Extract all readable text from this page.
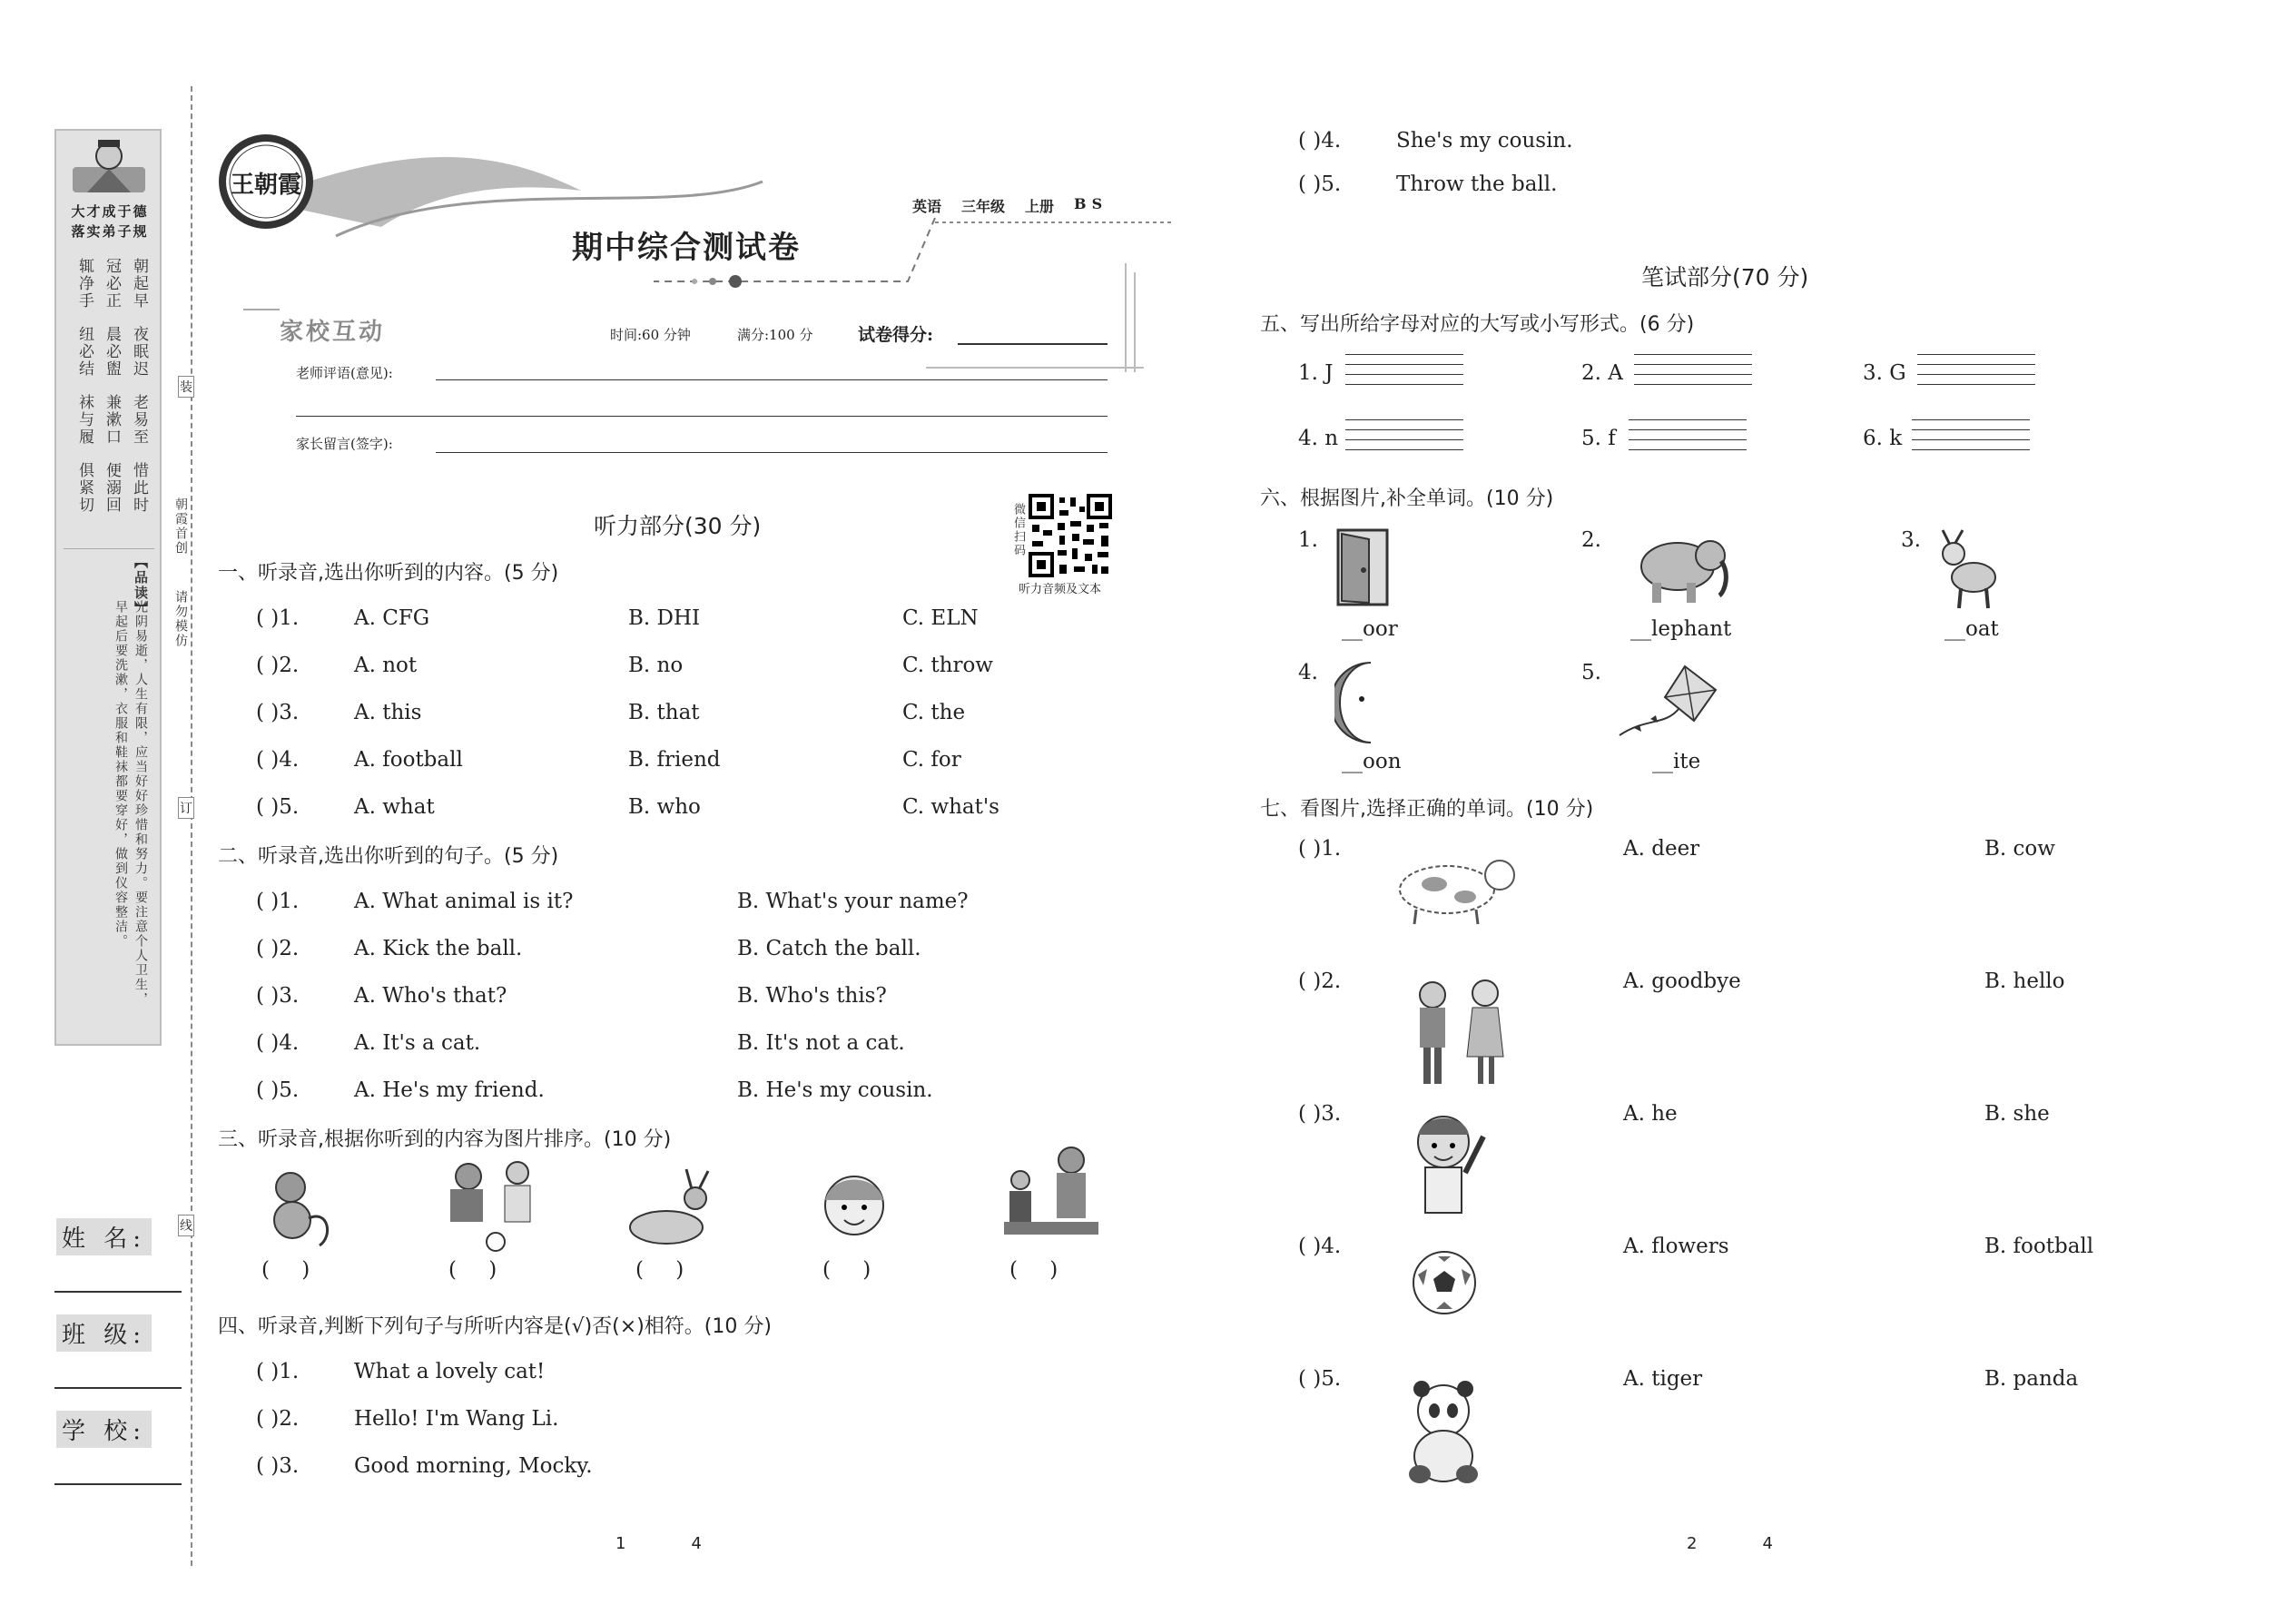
大才成于德
落实弟子规
朝起早
夜眠迟
老易至
惜此时
冠必正
晨必盥
兼漱口
便溺回
辄净手
纽必结
袜与履
俱紧切
【品读】
光阴易逝，人生有限，应当好好珍惜和努力。要注意个人卫生，早起后要洗漱，衣服和鞋袜都要穿好，做到仪容整洁。
朝霞首创
请勿模仿
装
订
线
姓 名:
班 级:
学 校:
王朝霞
期中综合测试卷
英语 三年级 上册 BS
家校互动	时间:60 分钟	满分:100 分	试卷得分:
老师评语(意见):
家长留言(签字):
微信扫码
听力音频及文本
听力部分(30 分)
一、听录音,选出你听到的内容。(5 分)
( )1.	A. CFG	B. DHI	C. ELN
( )2.	A. not	B. no	C. throw
( )3.	A. this	B. that	C. the
( )4.	A. football	B. friend	C. for
( )5.	A. what	B. who	C. what's
二、听录音,选出你听到的句子。(5 分)
( )1.	A. What animal is it?	B. What's your name?
( )2.	A. Kick the ball.	B. Catch the ball.
( )3.	A. Who's that?	B. Who's this?
( )4.	A. It's a cat.	B. It's not a cat.
( )5.	A. He's my friend.	B. He's my cousin.
三、听录音,根据你听到的内容为图片排序。(10 分)
( )	( )	( )	( )	( )
四、听录音,判断下列句子与所听内容是(√)否(×)相符。(10 分)
( )1.	What a lovely cat!
( )2.	Hello! I'm Wang Li.
( )3.	Good morning, Mocky.
1	4
( )4.	She's my cousin.
( )5.	Throw the ball.
笔试部分(70 分)
五、写出所给字母对应的大写或小写形式。(6 分)
1. J	2. A	3. G
4. n	5. f	6. k
六、根据图片,补全单词。(10 分)
1.
__oor
2.
__lephant
3.
__oat
4.
__oon
5.
__ite
七、看图片,选择正确的单词。(10 分)
( )1.	A. deer	B. cow
( )2.	A. goodbye	B. hello
( )3.	A. he	B. she
( )4.	A. flowers	B. football
( )5.	A. tiger	B. panda
2	4
